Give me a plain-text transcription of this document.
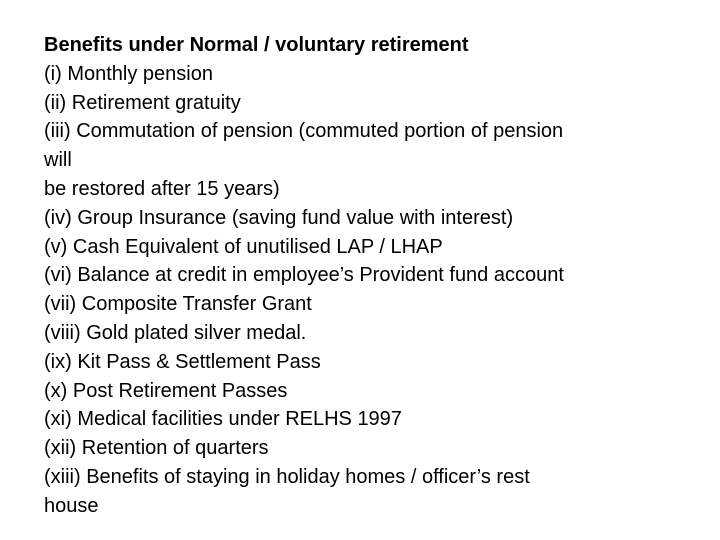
Benefits under Normal / voluntary retirement
(i) Monthly pension
(ii) Retirement gratuity
(iii) Commutation of pension (commuted portion of pension
will
be restored after 15 years)
(iv) Group Insurance (saving fund value with interest)
(v) Cash Equivalent of unutilised LAP / LHAP
(vi) Balance at credit in employee’s Provident fund account
(vii) Composite Transfer Grant
(viii) Gold plated silver medal.
(ix) Kit Pass & Settlement Pass
(x) Post Retirement Passes
(xi) Medical facilities under RELHS 1997
(xii) Retention of quarters
(xiii) Benefits of staying in holiday homes / officer’s rest
house
